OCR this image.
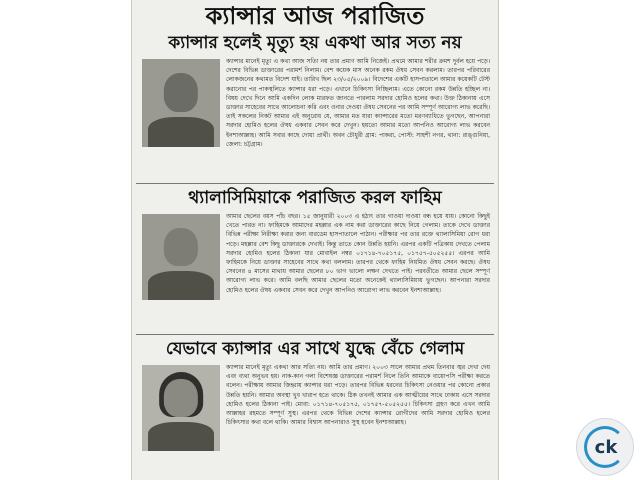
ক্যান্সার আজ পরাজিত
ক্যান্সার হলেই মৃত্যু হয় একথা আর সত্য নয়
ক্যান্সার মানেই মৃত্যু এ কথা আজ সত্যি নয় তার প্রমাণ আমি নিজেই। প্রথমে আমার শরীর ক্রমশ দুর্বল হয়ে পড়ে। দেশের বিভিন্ন ডাক্তারের পরামর্শ নিলাম। বেশ কয়েক মাস অনেক রকম ঔষধ সেবন করলাম। তারপর পরিবারের লোকজনের কথামত বিদেশ যাই। তারিখ ছিল ২৩/০৫/২০০৯। বিদেশের একটি হাসপাতালে আমার কয়েকটি টেস্ট করানোর পর পাকস্থলিতে ক্যান্সার ধরা পড়ে। এখানে চিকিৎসা নিচ্ছিলাম। এতে কোনো রকম উন্নতি হচ্ছিল না। বিষয় দেখে দিনে আমি একদিন লোক মারফত জানতে পারলাম সরদার হোমিও হলের কথা। উক্ত ঠিকানায় এসে ডাক্তার সাহেবের সাথে আলোচনা করি এবং ওনার দেওয়া ঔষধ সেবনের পর আমি সম্পূর্ণ আরোগ্য লাভ করেছি। তাই সকলের নিকট আমার এই অনুরোধ যে, আমার মত যারা ক্যান্সারের মতো মরণব্যাধিতে ভুগছেন, আপনারা সরদার হোমিও হলের ঔষধ একবার সেবন করে দেখুন। হয়তো আমার মতো আপনিও আরোগ্য লাভ করবেন ইনশাআল্লাহ। আমি সবার কাছে দোয়া প্রার্থী। অবন চৌধুরী গ্রাম: পাকরা, পোস্ট: সাহশী নগর, থানা: রাঙ্গুনিয়া, জেলা: চট্টগ্রাম।
থ্যালাসিমিয়াকে পরাজিত করল ফাহিম
আমার ছেলের বয়স পাঁচ বছর। ১৫ জানুয়ারী ২০০৩ এ হঠাৎ তার গাওয়া দাওয়া বন্ধ হয়ে যায়। কোনো কিছুই খেতে পারত না। ফাহিমকে আমাদের মহল্লার এক নাম করা ডাক্তারের কাছে নিয়ে গেলাম। তাকে দেখে ডাক্তার বিভিন্ন পরীক্ষা নিরীক্ষা করার জন্য বারডেম হাসপাতালে পাঠান। পরীক্ষার পর তার রক্তে থ্যালাসিমিয়া রোগ ধরা পড়ে। মহল্লার বেশ কিছু ডাক্তারকে দেখাই। কিন্তু তাতে কোন উন্নতি হয়নি। এরপর একটি পত্রিকায় দেখতে পেলাম সরদার হোমিও হলের ঠিকানা যার মোবাইল নম্বর ০১৭১৪-৭০৫১৭৫, ০১৭৫৭-৫০৫২৫৫। এরপর আমি ফাহিমকে নিয়ে ডাক্তার সাহেবের সাথে কথা বললাম। তারপর থেকে ফাহিম নিয়মিত ঔষধ সেবন করছে। ঔষধ সেবনের ৪ মাসের মাথায় আমার ছেলের ৮০ ভাগ ভালো লক্ষণ দেখতে পাই। পরবর্তীতে আমার ছেলে সম্পূর্ণ আরোগ্য লাভ করে। আমি বলছি আমার ছেলের মতো অনেকেই থ্যালাসিমিয়ায় ভুগছেন। আপনারা সরদার হোমিও হলের ঔষধ একবার সেবন করে দেখুন আপনিও আরোগ্য লাভ করবেন ইনশাআল্লাহ।
যেভাবে ক্যান্সার এর সাথে যুদ্ধে বেঁচে গেলাম
ক্যান্সার মানেই মৃত্যু একথা আর সত্যি নয়। আমি তার প্রমাণ। ২০০৩ সালে আমার প্রথম তিনবার জ্বর দেখা দেয় এবং ব্যথা অনুভব হয়। নাক-কান গলা বিশেষজ্ঞ ডাক্তারের পরামর্শ নিলে তিনি আমাকে বায়োপসি পরীক্ষা করতে বলেন। পরীক্ষায় আমার জিহ্বায় ক্যান্সার ধরা পড়ে। তারপর বিভিন্ন ধরনের চিকিৎসা নেওয়ার পর কোনো প্রকার উন্নতি হয়নি। আমার অবস্থা খুব খারাপ হতে থাকে। ঠিক তখনই আমার এক আত্মীয়ের সাথে ঢাকায় এসে সরদার হোমিও হলের ঠিকানা পাই। মোবা: ০১৭১৪-৭০৫১৭৫, ০১৭৫৭-৫০৫২৫৫। চিকিৎসা গ্রহণ করে এখন আমি আল্লাহর রহমতে সম্পূর্ণ সুস্থ। এরপর থেকে বিভিন্ন দেশের ক্যান্সার রোগীদের আমি সরদার হোমিও হলের চিকিৎসার কথা বলে থাকি। আমার বিশ্বাস আপনারাও সুস্থ হবেন ইনশাআল্লাহ।
ck
